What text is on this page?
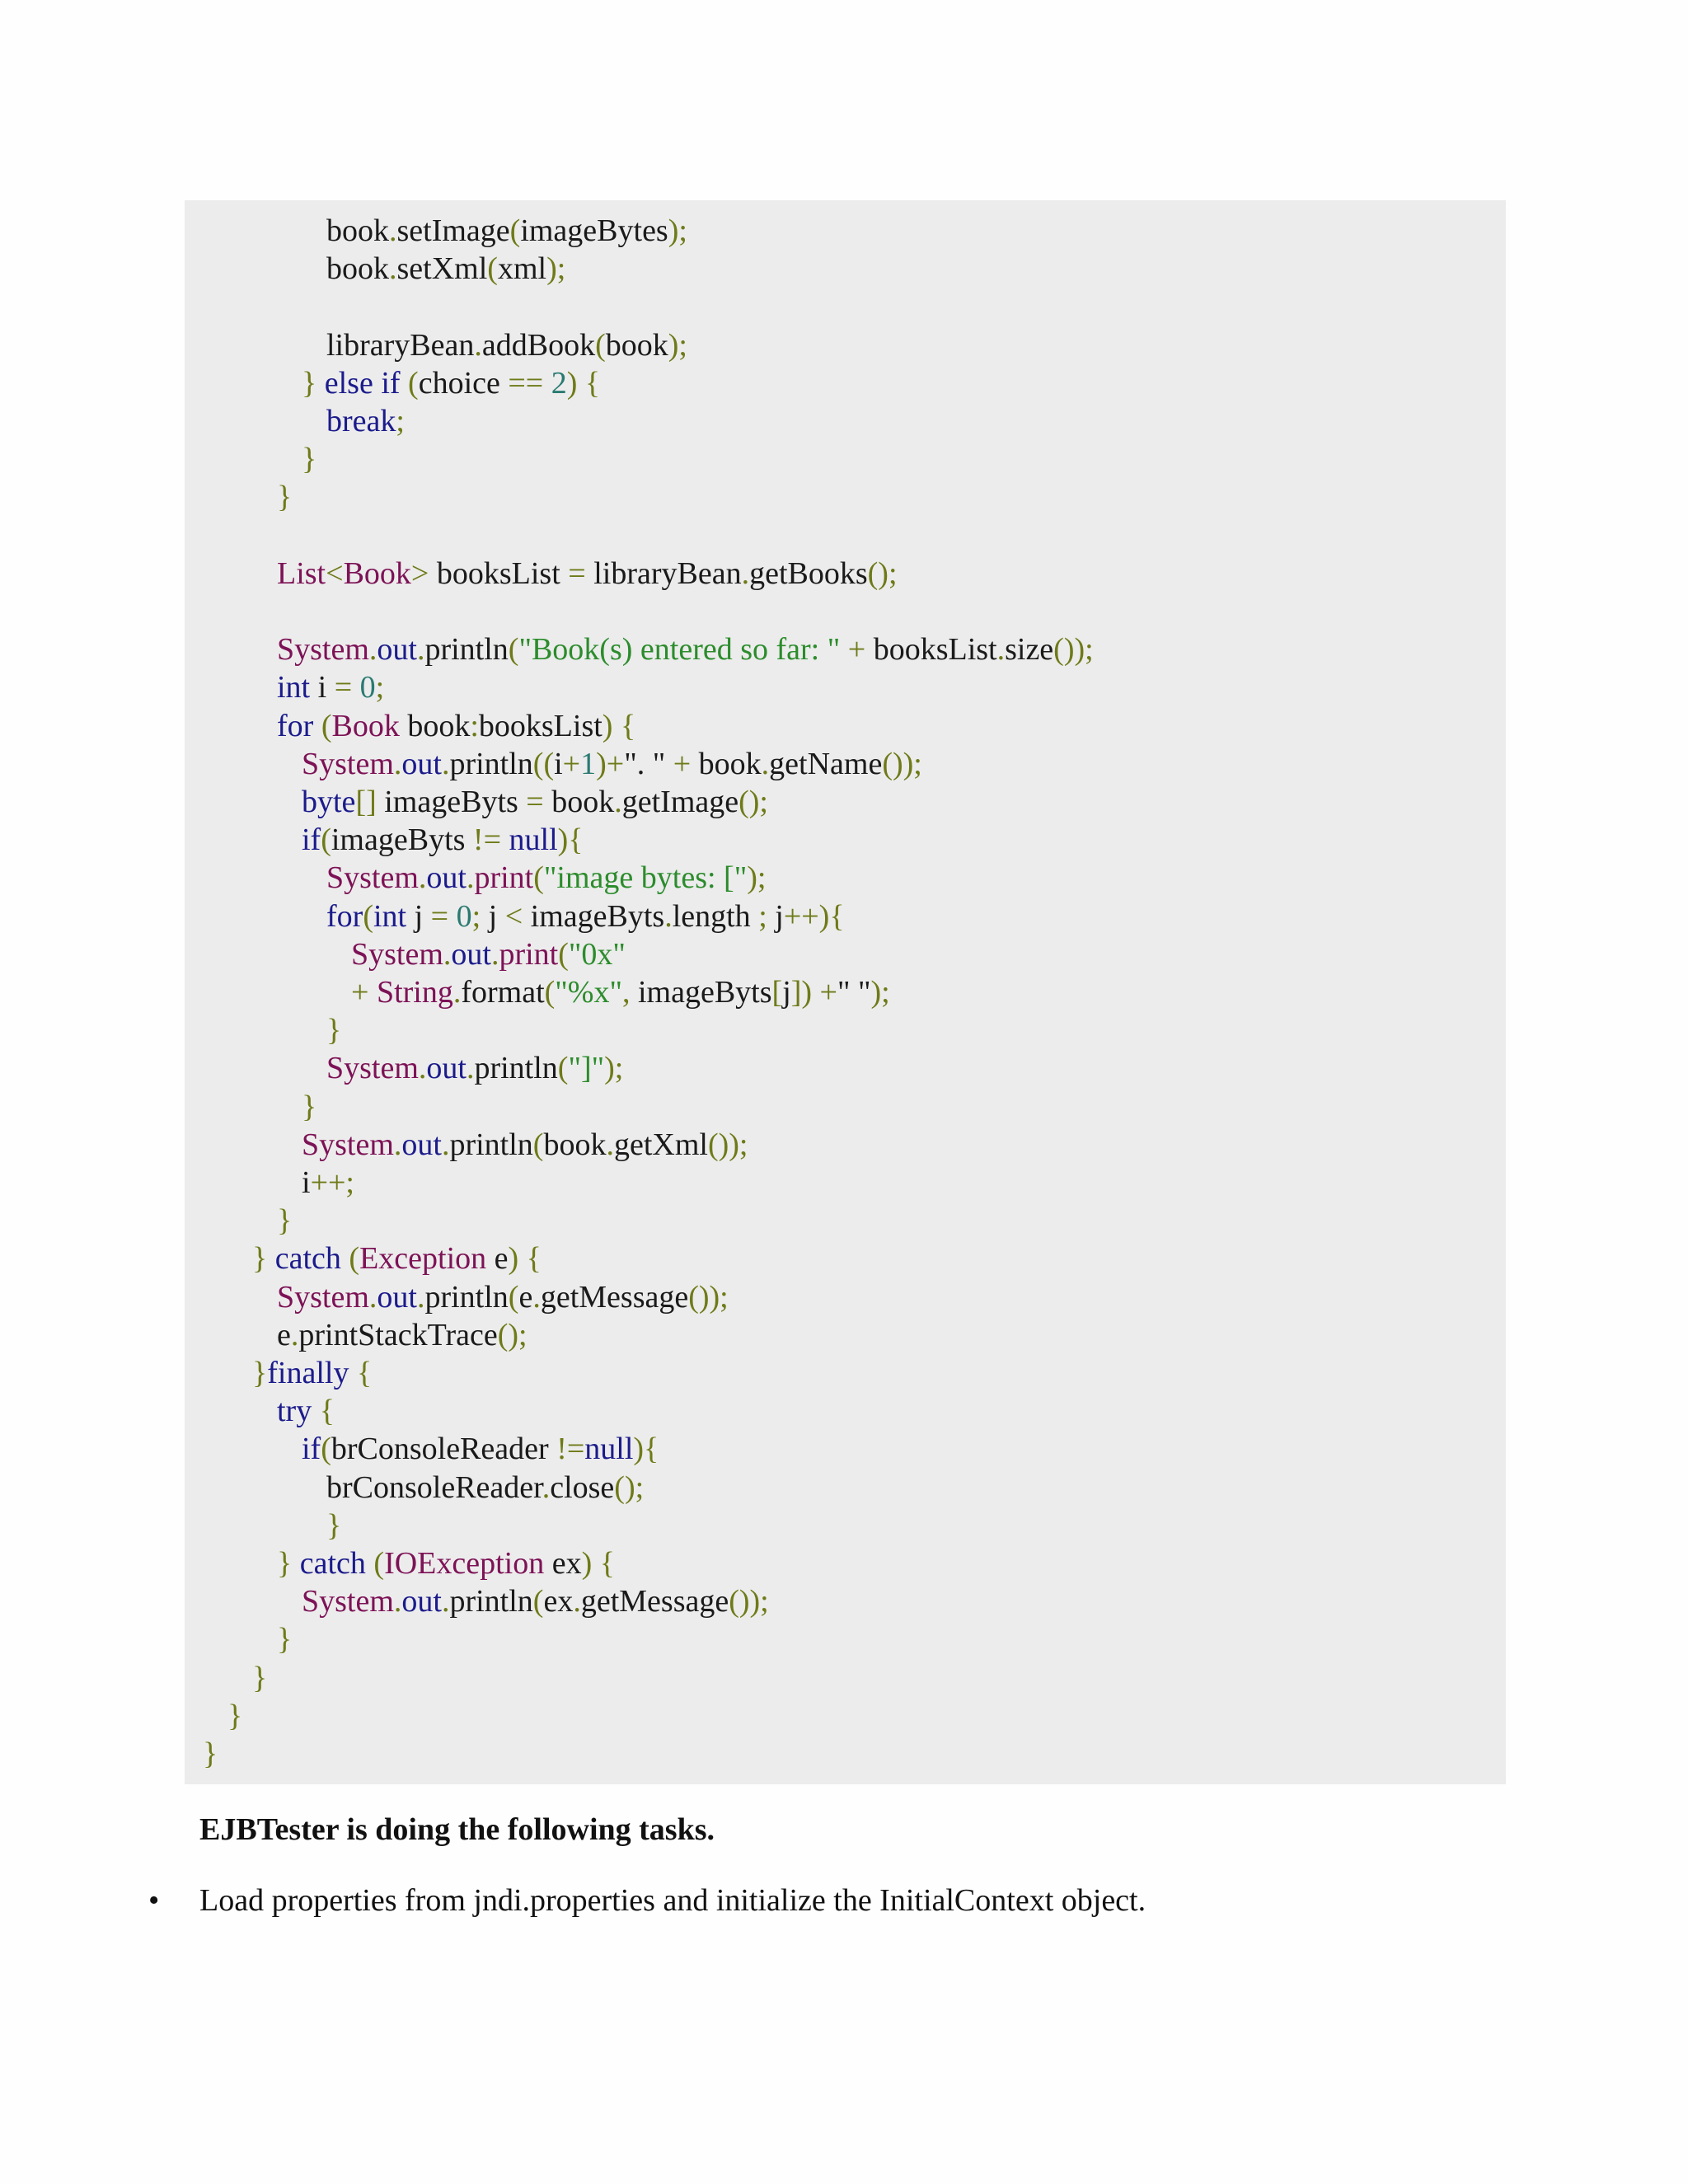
book.setImage(imageBytes);
book.setXml(xml);
libraryBean.addBook(book);
} else if (choice == 2) {
break;
}
}
List<Book> booksList = libraryBean.getBooks();
System.out.println("Book(s) entered so far: " + booksList.size());
int i = 0;
for (Book book:booksList) {
System.out.println((i+1)+". " + book.getName());
byte[] imageByts = book.getImage();
if(imageByts != null){
System.out.print("image bytes: [");
for(int j = 0; j < imageByts.length ; j++){
System.out.print("0x"
+ String.format("%x", imageByts[j]) +" ");
}
System.out.println("]");
}
System.out.println(book.getXml());
i++;
}
} catch (Exception e) {
System.out.println(e.getMessage());
e.printStackTrace();
}finally {
try {
if(brConsoleReader !=null){
brConsoleReader.close();
}
} catch (IOException ex) {
System.out.println(ex.getMessage());
}
}
}
}
EJBTester is doing the following tasks.
• Load properties from jndi.properties and initialize the InitialContext object.
